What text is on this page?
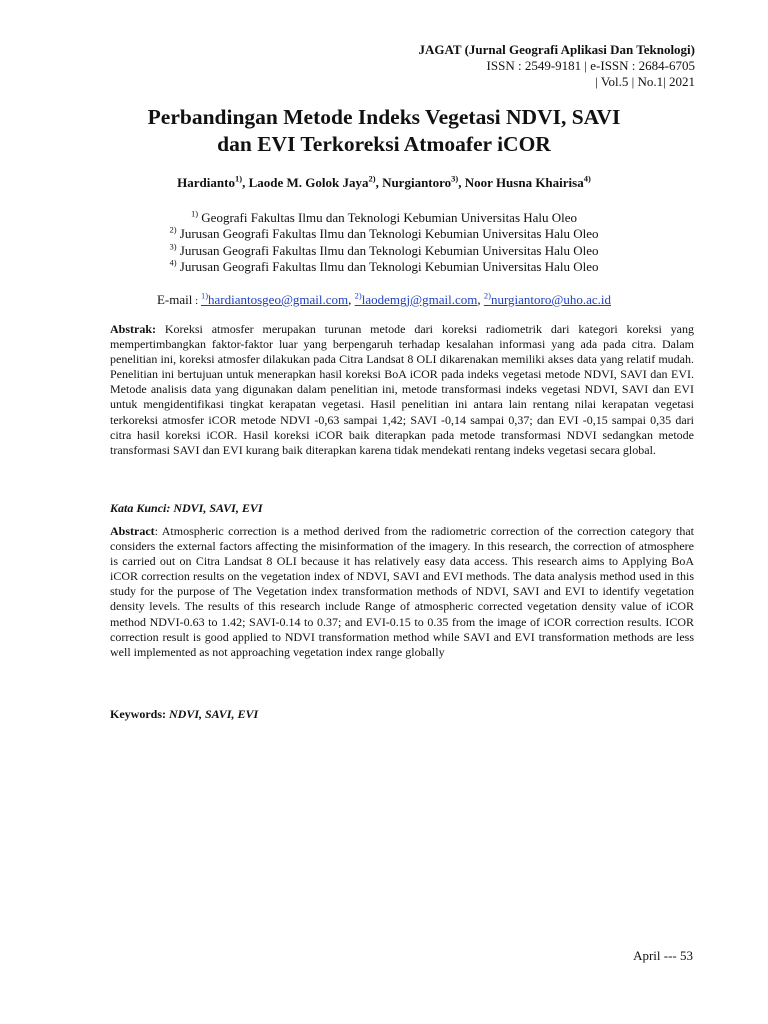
JAGAT (Jurnal Geografi Aplikasi Dan Teknologi)
ISSN : 2549-9181 | e-ISSN : 2684-6705
| Vol.5 | No.1| 2021
Perbandingan Metode Indeks Vegetasi NDVI, SAVI
dan EVI Terkoreksi Atmoafer iCOR
Hardianto$^{1)}$, Laode M. Golok Jaya$^{2)}$, Nurgiantoro$^{3)}$, Noor Husna Khairisa$^{4)}$
$^{1)}$ Geografi Fakultas Ilmu dan Teknologi Kebumian Universitas Halu Oleo
$^{2)}$ Jurusan Geografi Fakultas Ilmu dan Teknologi Kebumian Universitas Halu Oleo
$^{3)}$ Jurusan Geografi Fakultas Ilmu dan Teknologi Kebumian Universitas Halu Oleo
$^{4)}$ Jurusan Geografi Fakultas Ilmu dan Teknologi Kebumian Universitas Halu Oleo
E-mail : $^{1)}$hardiantosgeo@gmail.com, $^{2)}$laodemgj@gmail.com, $^{2)}$nurgiantoro@uho.ac.id
Abstrak: Koreksi atmosfer merupakan turunan metode dari koreksi radiometrik dari kategori koreksi yang mempertimbangkan faktor-faktor luar yang berpengaruh terhadap kesalahan informasi yang ada pada citra. Dalam penelitian ini, koreksi atmosfer dilakukan pada Citra Landsat 8 OLI dikarenakan memiliki akses data yang relatif mudah. Penelitian ini bertujuan untuk menerapkan hasil koreksi BoA iCOR pada indeks vegetasi metode NDVI, SAVI dan EVI. Metode analisis data yang digunakan dalam penelitian ini, metode transformasi indeks vegetasi NDVI, SAVI dan EVI untuk mengidentifikasi tingkat kerapatan vegetasi. Hasil penelitian ini antara lain rentang nilai kerapatan vegetasi terkoreksi atmosfer iCOR metode NDVI -0,63 sampai 1,42; SAVI -0,14 sampai 0,37; dan EVI -0,15 sampai 0,35 dari citra hasil koreksi iCOR. Hasil koreksi iCOR baik diterapkan pada metode transformasi NDVI sedangkan metode transformasi SAVI dan EVI kurang baik diterapkan karena tidak mendekati rentang indeks vegetasi secara global.
Kata Kunci: NDVI, SAVI, EVI
Abstract: Atmospheric correction is a method derived from the radiometric correction of the correction category that considers the external factors affecting the misinformation of the imagery. In this research, the correction of atmosphere is carried out on Citra Landsat 8 OLI because it has relatively easy data access. This research aims to Applying BoA iCOR correction results on the vegetation index of NDVI, SAVI and EVI methods. The data analysis method used in this study for the purpose of The Vegetation index transformation methods of NDVI, SAVI and EVI to identify vegetation density levels. The results of this research include Range of atmospheric corrected vegetation density value of iCOR method NDVI-0.63 to 1.42; SAVI-0.14 to 0.37; and EVI-0.15 to 0.35 from the image of iCOR correction results. ICOR correction result is good applied to NDVI transformation method while SAVI and EVI transformation methods are less well implemented as not approaching vegetation index range globally
Keywords: NDVI, SAVI, EVI
April --- 53
